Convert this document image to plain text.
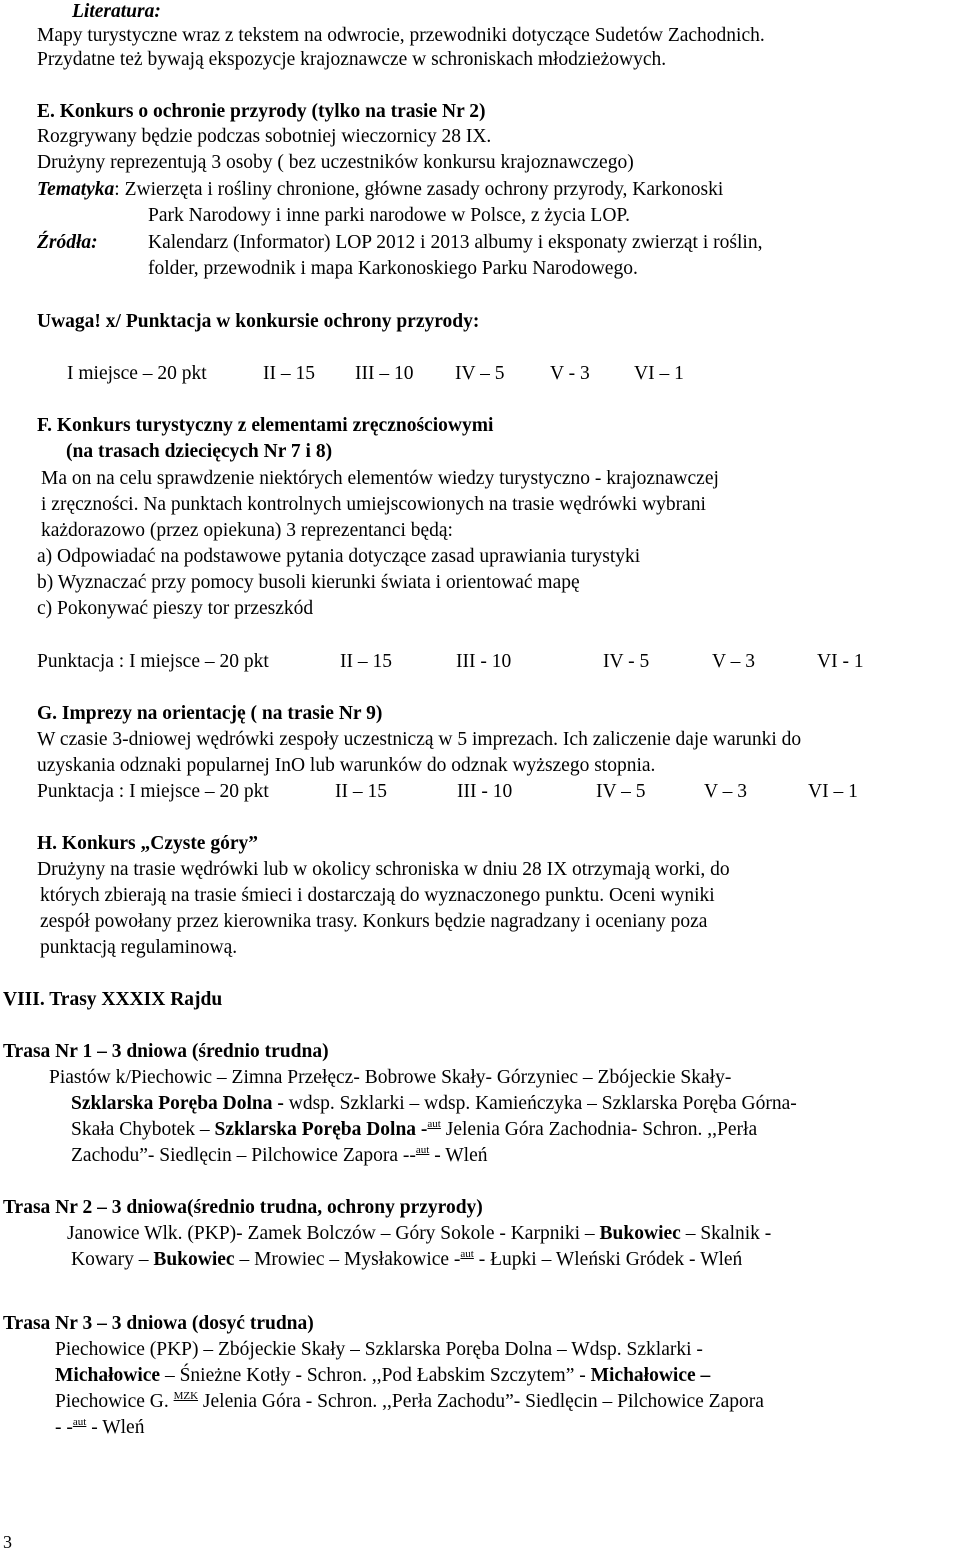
Literatura:
Mapy turystyczne wraz z tekstem na odwrocie, przewodniki dotyczące Sudetów Zachodnich.
Przydatne też bywają ekspozycje krajoznawcze w schroniskach młodzieżowych.
E. Konkurs o ochronie przyrody (tylko na trasie Nr 2)
Rozgrywany będzie podczas sobotniej wieczornicy 28 IX.
Drużyny reprezentują 3 osoby ( bez uczestników konkursu krajoznawczego)
Tematyka: Zwierzęta i rośliny chronione, główne zasady ochrony przyrody, Karkonoski
Park Narodowy i inne parki narodowe w Polsce, z życia LOP.
Źródła:	Kalendarz (Informator) LOP 2012 i 2013 albumy i eksponaty zwierząt i roślin,
folder, przewodnik i mapa Karkonoskiego Parku Narodowego.
Uwaga! x/ Punktacja w konkursie ochrony przyrody:
I miejsce – 20 pkt	II – 15 III – 10 IV – 5 V - 3 VI – 1
F. Konkurs turystyczny z elementami zręcznościowymi
(na trasach dziecięcych Nr 7 i 8)
Ma on na celu sprawdzenie niektórych elementów wiedzy turystyczno - krajoznawczej
i zręczności. Na punktach kontrolnych umiejscowionych na trasie wędrówki wybrani
każdorazowo (przez opiekuna) 3 reprezentanci będą:
a) Odpowiadać na podstawowe pytania dotyczące zasad uprawiania turystyki
b) Wyznaczać przy pomocy busoli kierunki świata i orientować mapę
c) Pokonywać pieszy tor przeszkód
Punktacja : I miejsce – 20 pkt	II – 15	III - 10	IV - 5	V – 3	VI - 1
G. Imprezy na orientację ( na trasie Nr 9)
W czasie 3-dniowej wędrówki zespoły uczestniczą w 5 imprezach. Ich zaliczenie daje warunki do
uzyskania odznaki popularnej InO lub warunków do odznak wyższego stopnia.
Punktacja : I miejsce – 20 pkt	II – 15	III - 10	IV – 5	V – 3	VI – 1
H. Konkurs „Czyste góry”
Drużyny na trasie wędrówki lub w okolicy schroniska w dniu 28 IX otrzymają worki, do
których zbierają na trasie śmieci i dostarczają do wyznaczonego punktu. Oceni wyniki
zespół powołany przez kierownika trasy. Konkurs będzie nagradzany i oceniany poza
punktacją regulaminową.
VIII. Trasy XXXIX Rajdu
Trasa Nr 1 – 3 dniowa (średnio trudna)
Piastów k/Piechowic – Zimna Przełęcz- Bobrowe Skały- Górzyniec – Zbójeckie Skały-
Szklarska Poręba Dolna - wdsp. Szklarki – wdsp. Kamieńczyka – Szklarska Poręba Górna-
Skała Chybotek – Szklarska Poręba Dolna -$^{aut}$ Jelenia Góra Zachodnia- Schron. ,,Perła
Zachodu”- Siedlęcin – Pilchowice Zapora --$^{aut}$ - Wleń
Trasa Nr 2 – 3 dniowa(średnio trudna, ochrony przyrody)
Janowice Wlk. (PKP)- Zamek Bolczów – Góry Sokole - Karpniki – Bukowiec – Skalnik -
Kowary – Bukowiec – Mrowiec – Mysłakowice -$^{aut}$ - Łupki – Wleński Gródek - Wleń
Trasa Nr 3 – 3 dniowa (dosyć trudna)
Piechowice (PKP) – Zbójeckie Skały – Szklarska Poręba Dolna – Wdsp. Szklarki -
Michałowice – Śnieżne Kotły - Schron. ,,Pod Łabskim Szczytem” - Michałowice –
Piechowice G. $^{MZK}$ Jelenia Góra - Schron. ,,Perła Zachodu”- Siedlęcin – Pilchowice Zapora
- -$^{aut}$ - Wleń
3
